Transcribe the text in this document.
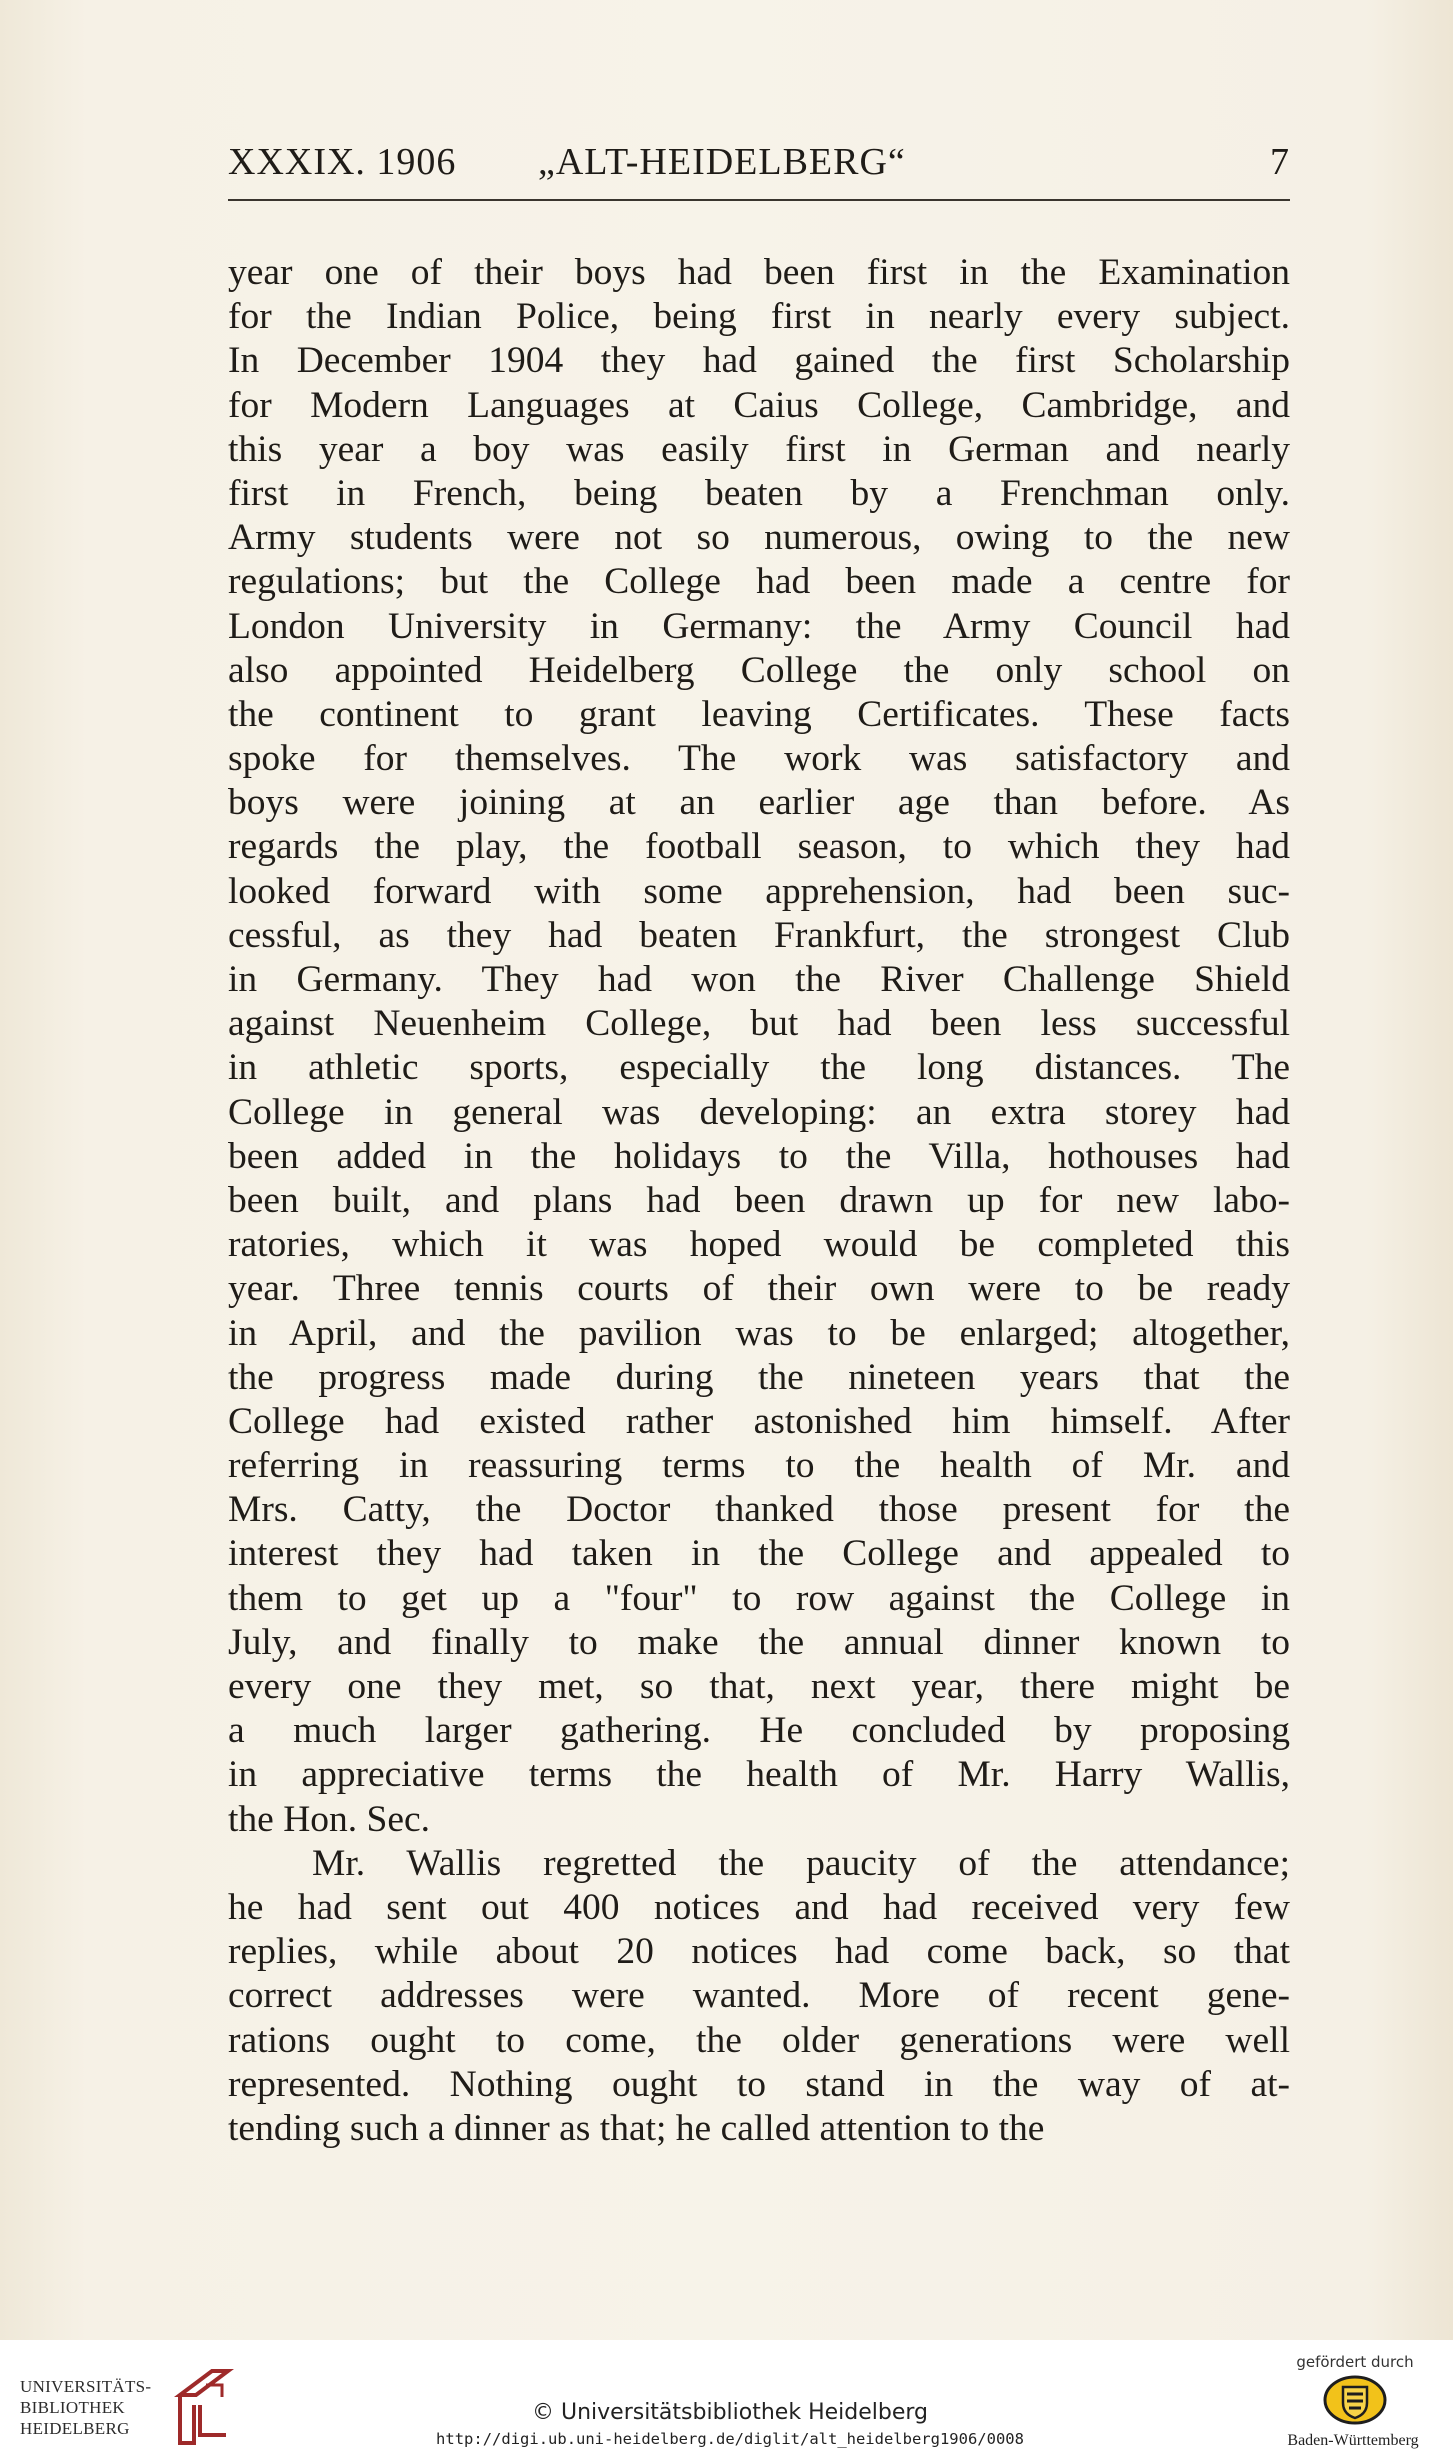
XXXIX. 1906 „ALT-HEIDELBERG“	7
year one of their boys had been first in the Examination
for the Indian Police, being first in nearly every subject.
In December 1904 they had gained the first Scholarship
for Modern Languages at Caius College, Cambridge, and
this year a boy was easily first in German and nearly
first in French, being beaten by a Frenchman only.
Army students were not so numerous, owing to the new
regulations; but the College had been made a centre for
London University in Germany: the Army Council had
also appointed Heidelberg College the only school on
the continent to grant leaving Certificates. These facts
spoke for themselves. The work was satisfactory and
boys were joining at an earlier age than before. As
regards the play, the football season, to which they had
looked forward with some apprehension, had been suc-
cessful, as they had beaten Frankfurt, the strongest Club
in Germany. They had won the River Challenge Shield
against Neuenheim College, but had been less successful
in athletic sports, especially the long distances. The
College in general was developing: an extra storey had
been added in the holidays to the Villa, hothouses had
been built, and plans had been drawn up for new labo-
ratories, which it was hoped would be completed this
year. Three tennis courts of their own were to be ready
in April, and the pavilion was to be enlarged; altogether,
the progress made during the nineteen years that the
College had existed rather astonished him himself. After
referring in reassuring terms to the health of Mr. and
Mrs. Catty, the Doctor thanked those present for the
interest they had taken in the College and appealed to
them to get up a "four" to row against the College in
July, and finally to make the annual dinner known to
every one they met, so that, next year, there might be
a much larger gathering. He concluded by proposing
in appreciative terms the health of Mr. Harry Wallis,
the Hon. Sec.
Mr. Wallis regretted the paucity of the attendance;
he had sent out 400 notices and had received very few
replies, while about 20 notices had come back, so that
correct addresses were wanted. More of recent gene-
rations ought to come, the older generations were well
represented. Nothing ought to stand in the way of at-
tending such a dinner as that; he called attention to the
UNIVERSITÄTS-
BIBLIOTHEK
HEIDELBERG
© Universitätsbibliothek Heidelberg
http://digi.ub.uni-heidelberg.de/diglit/alt_heidelberg1906/0008
gefördert durch
Baden-Württemberg
